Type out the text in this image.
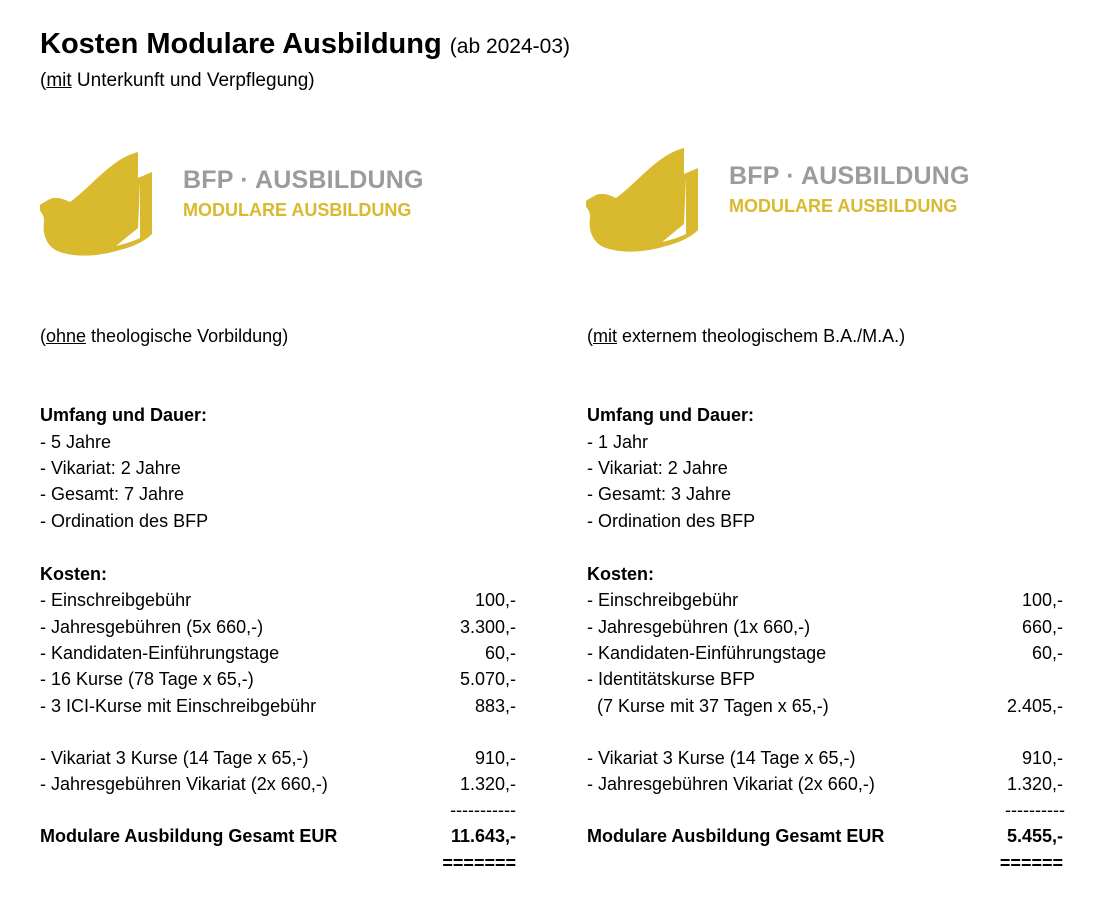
Kosten Modulare Ausbildung (ab 2024-03)
(mit Unterkunft und Verpflegung)
BFP · AUSBILDUNG
MODULARE AUSBILDUNG
BFP · AUSBILDUNG
MODULARE AUSBILDUNG
(ohne theologische Vorbildung)
Umfang und Dauer:
- 5 Jahre
- Vikariat: 2 Jahre
- Gesamt: 7 Jahre
- Ordination des BFP
Kosten:
- Einschreibgebühr	100,-
- Jahresgebühren (5x 660,-)	3.300,-
- Kandidaten-Einführungstage	60,-
- 16 Kurse (78 Tage x 65,-)	5.070,-
- 3 ICI-Kurse mit Einschreibgebühr	883,-
- Vikariat 3 Kurse (14 Tage x 65,-)	910,-
- Jahresgebühren Vikariat (2x 660,-)	1.320,-
-----------
Modulare Ausbildung Gesamt EUR	11.643,-
=======
(mit externem theologischem B.A./M.A.)
Umfang und Dauer:
- 1 Jahr
- Vikariat: 2 Jahre
- Gesamt: 3 Jahre
- Ordination des BFP
Kosten:
- Einschreibgebühr	100,-
- Jahresgebühren (1x 660,-)	660,-
- Kandidaten-Einführungstage	60,-
- Identitätskurse BFP
(7 Kurse mit 37 Tagen x 65,-)	2.405,-
- Vikariat 3 Kurse (14 Tage x 65,-)	910,-
- Jahresgebühren Vikariat (2x 660,-)	1.320,-
----------
Modulare Ausbildung Gesamt EUR	5.455,-
======
